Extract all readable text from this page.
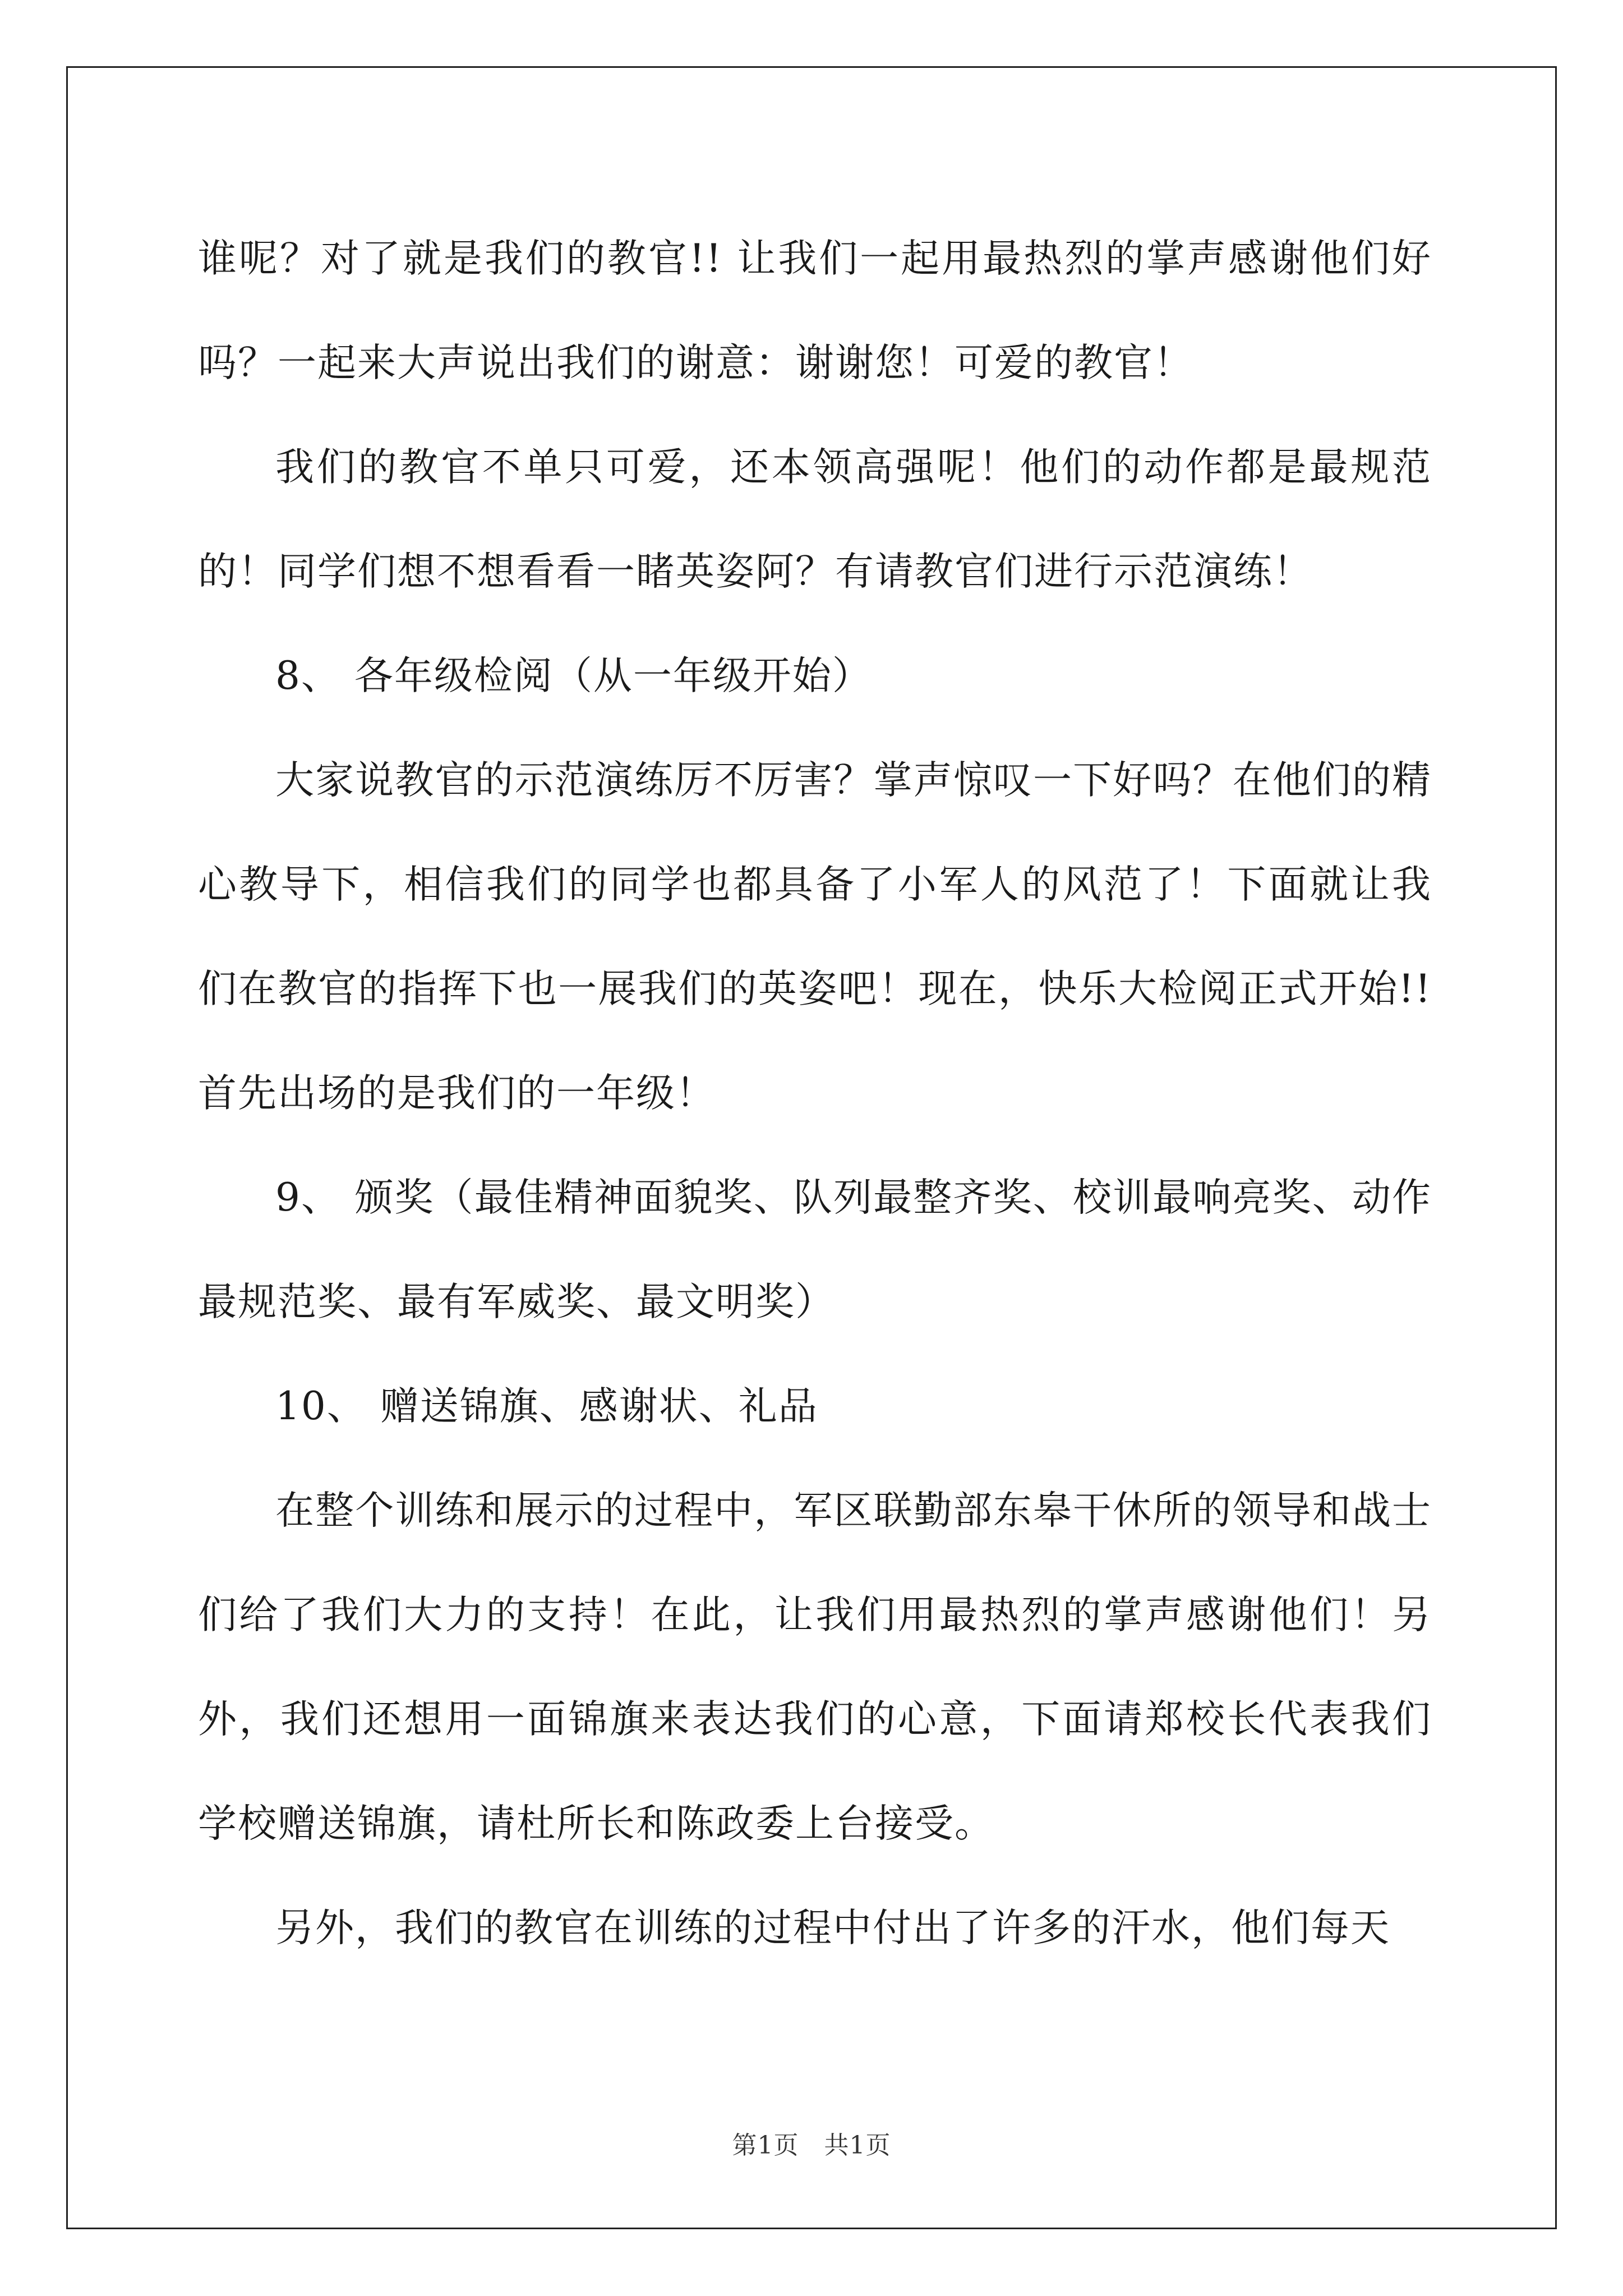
谁呢？对了就是我们的教官!! 让我们一起用最热烈的掌声感谢他们好吗？一起来大声说出我们的谢意：谢谢您！可爱的教官！

我们的教官不单只可爱，还本领高强呢！他们的动作都是最规范的！同学们想不想看看一睹英姿阿？有请教官们进行示范演练！

8、 各年级检阅（从一年级开始）

大家说教官的示范演练厉不厉害？掌声惊叹一下好吗？在他们的精心教导下，相信我们的同学也都具备了小军人的风范了！下面就让我们在教官的指挥下也一展我们的英姿吧！现在，快乐大检阅正式开始!! 首先出场的是我们的一年级！

9、 颁奖（最佳精神面貌奖、队列最整齐奖、校训最响亮奖、动作最规范奖、最有军威奖、最文明奖）

10、 赠送锦旗、感谢状、礼品

在整个训练和展示的过程中，军区联勤部东皋干休所的领导和战士们给了我们大力的支持！在此，让我们用最热烈的掌声感谢他们！另外，我们还想用一面锦旗来表达我们的心意，下面请郑校长代表我们学校赠送锦旗，请杜所长和陈政委上台接受。

另外，我们的教官在训练的过程中付出了许多的汗水，他们每天

第1页　共1页
